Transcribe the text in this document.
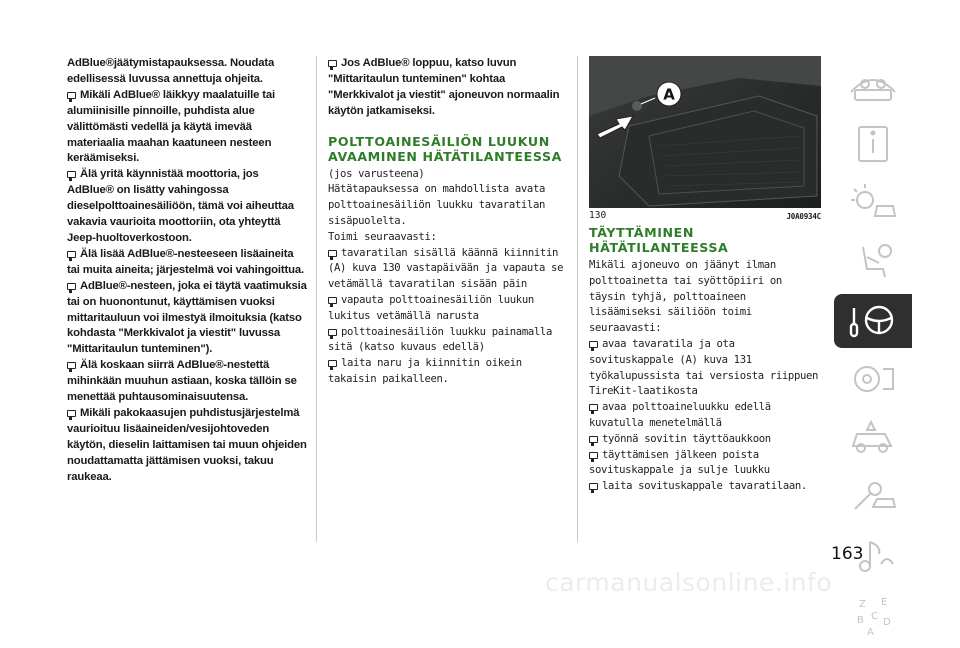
AdBlue®jäätymistapauksessa. Noudata edellisessä luvussa annettuja ohjeita.

Mikäli AdBlue® läikkyy maalatuille tai alumiinisille pinnoille, puhdista alue välittömästi vedellä ja käytä imevää materiaalia maahan kaatuneen nesteen keräämiseksi.

Älä yritä käynnistää moottoria, jos AdBlue® on lisätty vahingossa dieselpolttoainesäiliöön, tämä voi aiheuttaa vakavia vaurioita moottoriin, ota yhteyttä Jeep-huoltoverkostoon.

Älä lisää AdBlue®-nesteeseen lisäaineita tai muita aineita; järjestelmä voi vahingoittua.

AdBlue®-nesteen, joka ei täytä vaatimuksia tai on huonontunut, käyttämisen vuoksi mittaritauluun voi ilmestyä ilmoituksia (katso kohdasta "Merkkivalot ja viestit" luvussa "Mittaritaulun tunteminen").

Älä koskaan siirrä AdBlue®-nestettä mihinkään muuhun astiaan, koska tällöin se menettää puhtausominaisuutensa.

Mikäli pakokaasujen puhdistusjärjestelmä vaurioituu lisäaineiden/vesijohtoveden käytön, dieselin laittamisen tai muun ohjeiden noudattamatta jättämisen vuoksi, takuu raukeaa.

Jos AdBlue® loppuu, katso luvun "Mittaritaulun tunteminen" kohtaa "Merkkivalot ja viestit" ajoneuvon normaalin käytön jatkamiseksi.

POLTTOAINESÄILIÖN LUUKUN AVAAMINEN HÄTÄTILANTEESSA

(jos varusteena)

Hätätapauksessa on mahdollista avata polttoainesäiliön luukku tavaratilan sisäpuolelta.

Toimi seuraavasti:

tavaratilan sisällä käännä kiinnitin (A) kuva 130 vastapäivään ja vapauta se vetämällä tavaratilan sisään päin

vapauta polttoainesäiliön luukun lukitus vetämällä narusta

polttoainesäiliön luukku painamalla sitä (katso kuvaus edellä)

laita naru ja kiinnitin oikein takaisin paikalleen.

A
130	J0A0934C
TÄYTTÄMINEN HÄTÄTILANTEESSA

Mikäli ajoneuvo on jäänyt ilman polttoainetta tai syöttöpiiri on täysin tyhjä, polttoaineen lisäämiseksi säiliöön toimi seuraavasti:

avaa tavaratila ja ota sovituskappale (A) kuva 131 työkalupussista tai versiosta riippuen TireKit-laatikosta

avaa polttoaineluukku edellä kuvatulla menetelmällä

työnnä sovitin täyttöaukkoon

täyttämisen jälkeen poista sovituskappale ja sulje luukku

laita sovituskappale tavaratilaan.

Z E
B C
D
A
163
carmanualsonline.info
